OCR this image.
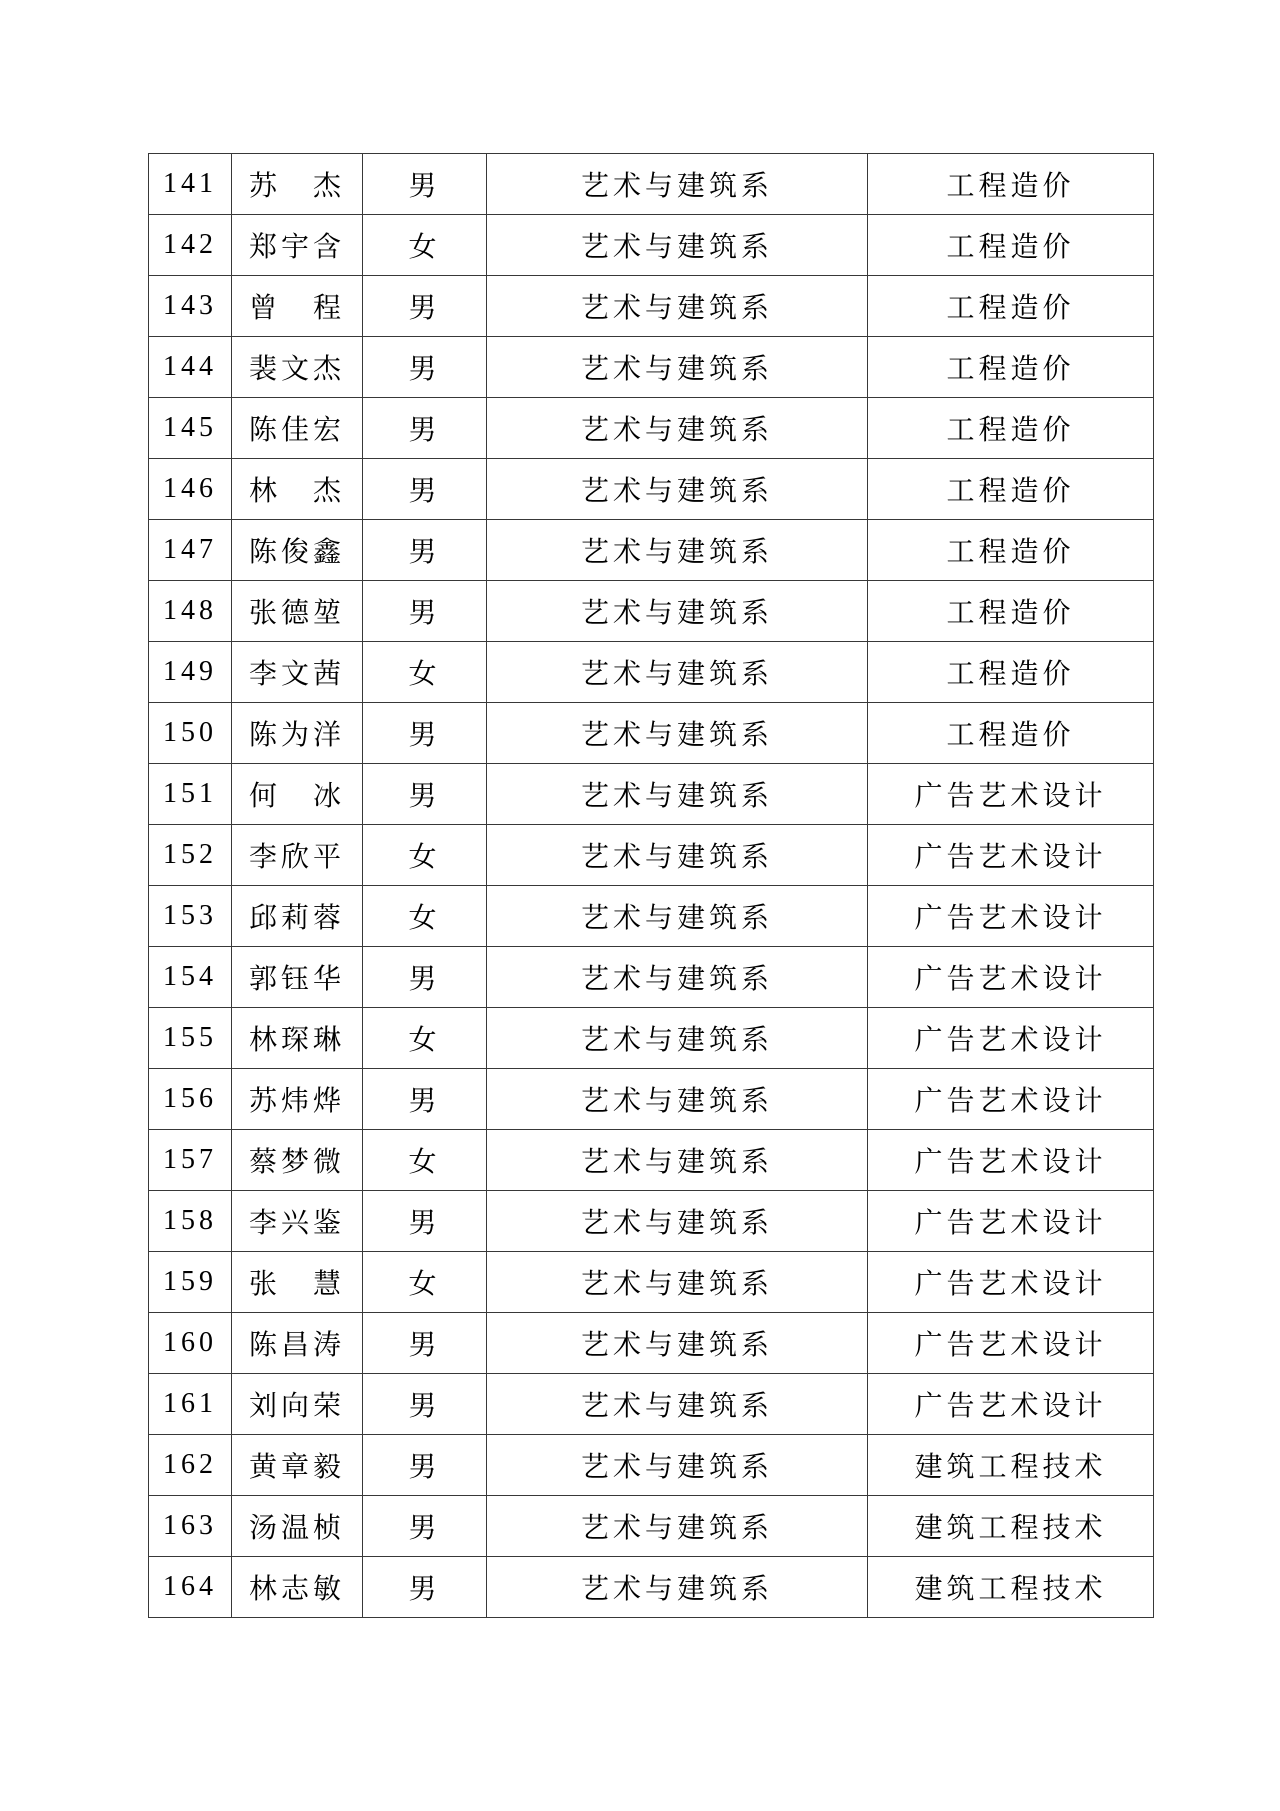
141	苏　杰	男	艺术与建筑系	工程造价
142	郑宇含	女	艺术与建筑系	工程造价
143	曾　程	男	艺术与建筑系	工程造价
144	裴文杰	男	艺术与建筑系	工程造价
145	陈佳宏	男	艺术与建筑系	工程造价
146	林　杰	男	艺术与建筑系	工程造价
147	陈俊鑫	男	艺术与建筑系	工程造价
148	张德堃	男	艺术与建筑系	工程造价
149	李文茜	女	艺术与建筑系	工程造价
150	陈为洋	男	艺术与建筑系	工程造价
151	何　冰	男	艺术与建筑系	广告艺术设计
152	李欣平	女	艺术与建筑系	广告艺术设计
153	邱莉蓉	女	艺术与建筑系	广告艺术设计
154	郭钰华	男	艺术与建筑系	广告艺术设计
155	林琛琳	女	艺术与建筑系	广告艺术设计
156	苏炜烨	男	艺术与建筑系	广告艺术设计
157	蔡梦微	女	艺术与建筑系	广告艺术设计
158	李兴鉴	男	艺术与建筑系	广告艺术设计
159	张　慧	女	艺术与建筑系	广告艺术设计
160	陈昌涛	男	艺术与建筑系	广告艺术设计
161	刘向荣	男	艺术与建筑系	广告艺术设计
162	黄章毅	男	艺术与建筑系	建筑工程技术
163	汤温桢	男	艺术与建筑系	建筑工程技术
164	林志敏	男	艺术与建筑系	建筑工程技术
